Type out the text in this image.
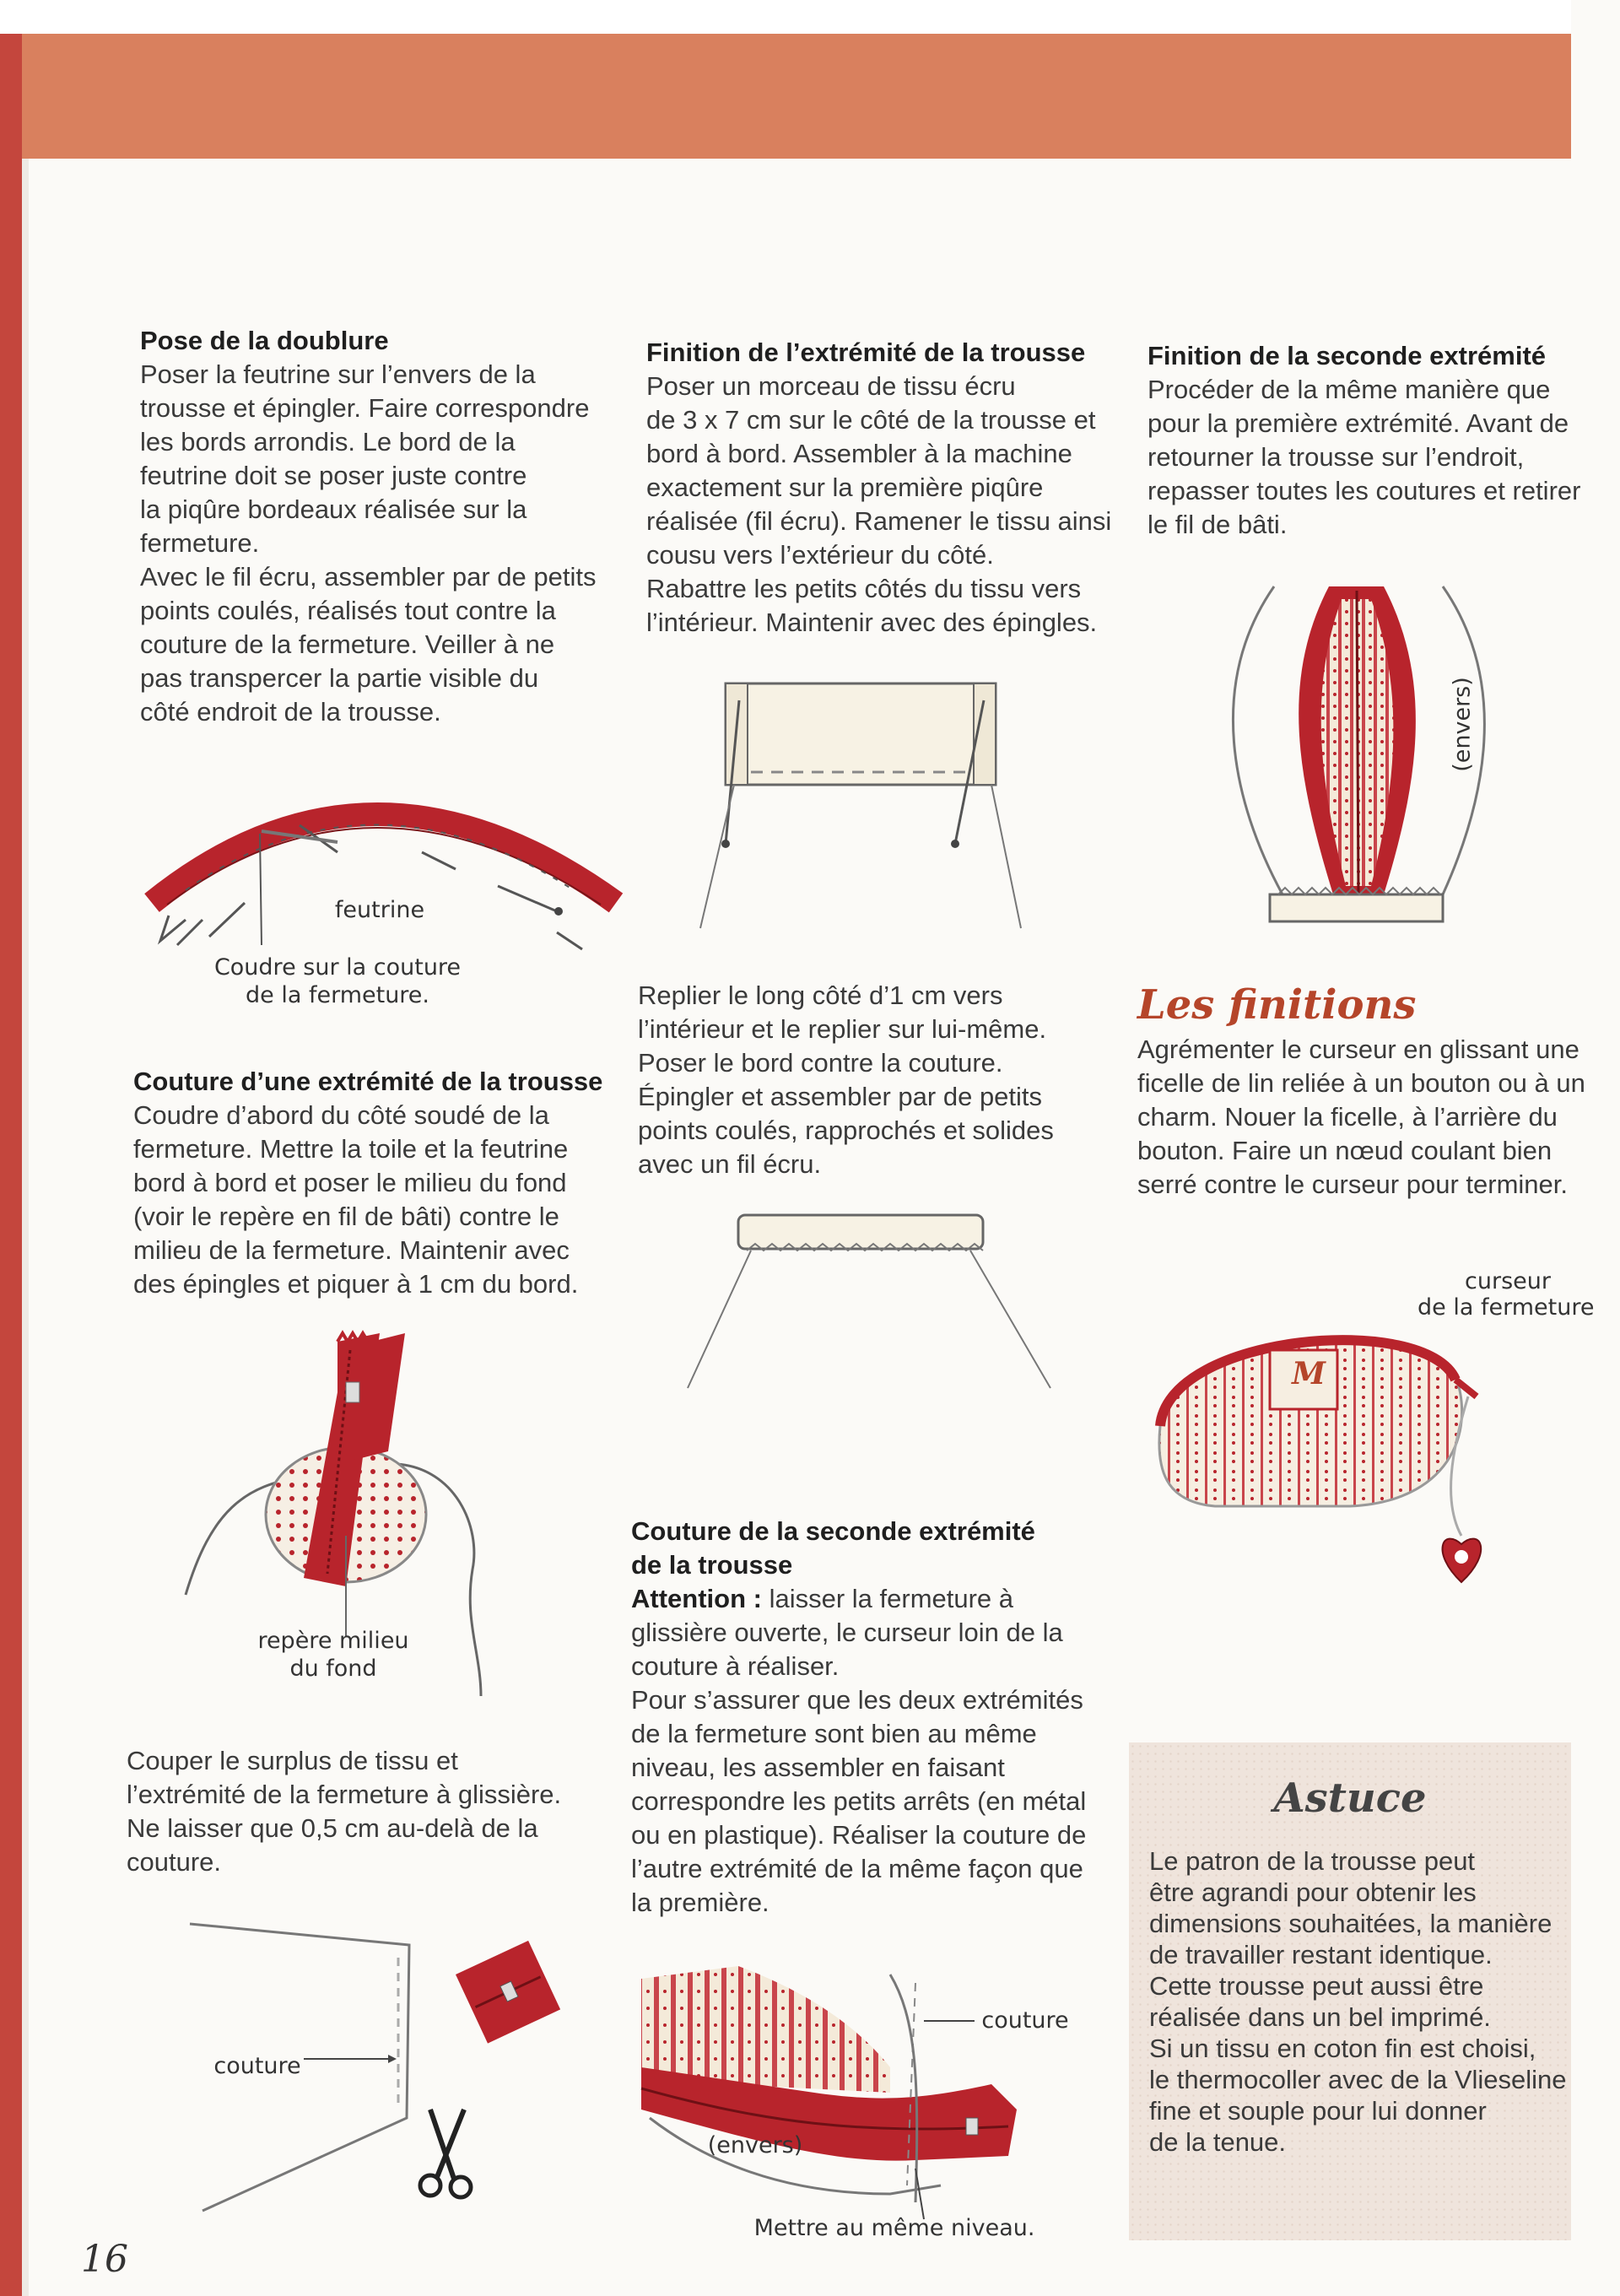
Pose de la doublure
Poser la feutrine sur l’envers de la
trousse et épingler. Faire correspondre
les bords arrondis. Le bord de la
feutrine doit se poser juste contre
la piqûre bordeaux réalisée sur la
fermeture.
Avec le fil écru, assembler par de petits
points coulés, réalisés tout contre la
couture de la fermeture. Veiller à ne
pas transpercer la partie visible du
côté endroit de la trousse.
feutrine
Coudre sur la couture
de la fermeture.
Couture d’une extrémité de la trousse
Coudre d’abord du côté soudé de la
fermeture. Mettre la toile et la feutrine
bord à bord et poser le milieu du fond
(voir le repère en fil de bâti) contre le
milieu de la fermeture. Maintenir avec
des épingles et piquer à 1 cm du bord.
repère milieu
du fond
Couper le surplus de tissu et
l’extrémité de la fermeture à glissière.
Ne laisser que 0,5 cm au-delà de la
couture.
couture
Finition de l’extrémité de la trousse
Poser un morceau de tissu écru
de 3 x 7 cm sur le côté de la trousse et
bord à bord. Assembler à la machine
exactement sur la première piqûre
réalisée (fil écru). Ramener le tissu ainsi
cousu vers l’extérieur du côté.
Rabattre les petits côtés du tissu vers
l’intérieur. Maintenir avec des épingles.
Replier le long côté d’1 cm vers
l’intérieur et le replier sur lui-même.
Poser le bord contre la couture.
Épingler et assembler par de petits
points coulés, rapprochés et solides
avec un fil écru.
Couture de la seconde extrémité
de la trousse
Attention : laisser la fermeture à
glissière ouverte, le curseur loin de la
couture à réaliser.
Pour s’assurer que les deux extrémités
de la fermeture sont bien au même
niveau, les assembler en faisant
correspondre les petits arrêts (en métal
ou en plastique). Réaliser la couture de
l’autre extrémité de la même façon que
la première.
couture
(envers)
Mettre au même niveau.
Finition de la seconde extrémité
Procéder de la même manière que
pour la première extrémité. Avant de
retourner la trousse sur l’endroit,
repasser toutes les coutures et retirer
le fil de bâti.
(envers)
Les finitions
Agrémenter le curseur en glissant une
ficelle de lin reliée à un bouton ou à un
charm. Nouer la ficelle, à l’arrière du
bouton. Faire un nœud coulant bien
serré contre le curseur pour terminer.
M
curseur
de la fermeture
Astuce
Le patron de la trousse peut
être agrandi pour obtenir les
dimensions souhaitées, la manière
de travailler restant identique.
Cette trousse peut aussi être
réalisée dans un bel imprimé.
Si un tissu en coton fin est choisi,
le thermocoller avec de la Vlieseline
fine et souple pour lui donner
de la tenue.
16
